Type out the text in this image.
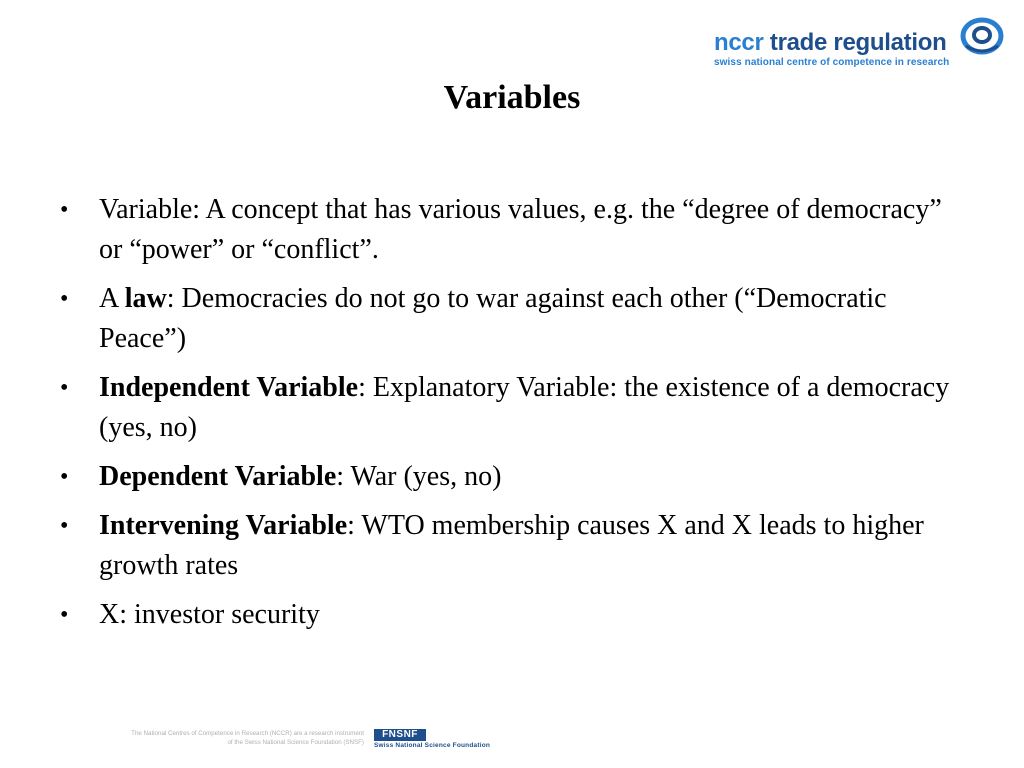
nccr trade regulation
swiss national centre of competence in research
Variables
• Variable: A concept that has various values, e.g. the “degree of democracy” or “power” or “conflict”.
• A law: Democracies do not go to war against each other (“Democratic Peace”)
• Independent Variable: Explanatory Variable: the existence of a democracy (yes, no)
• Dependent Variable: War (yes, no)
• Intervening Variable: WTO membership causes X and X leads to higher growth rates
• X: investor security
The National Centres of Competence in Research (NCCR) are a research instrument
of the Swiss National Science Foundation (SNSF)
FNSNF
Swiss National Science Foundation
